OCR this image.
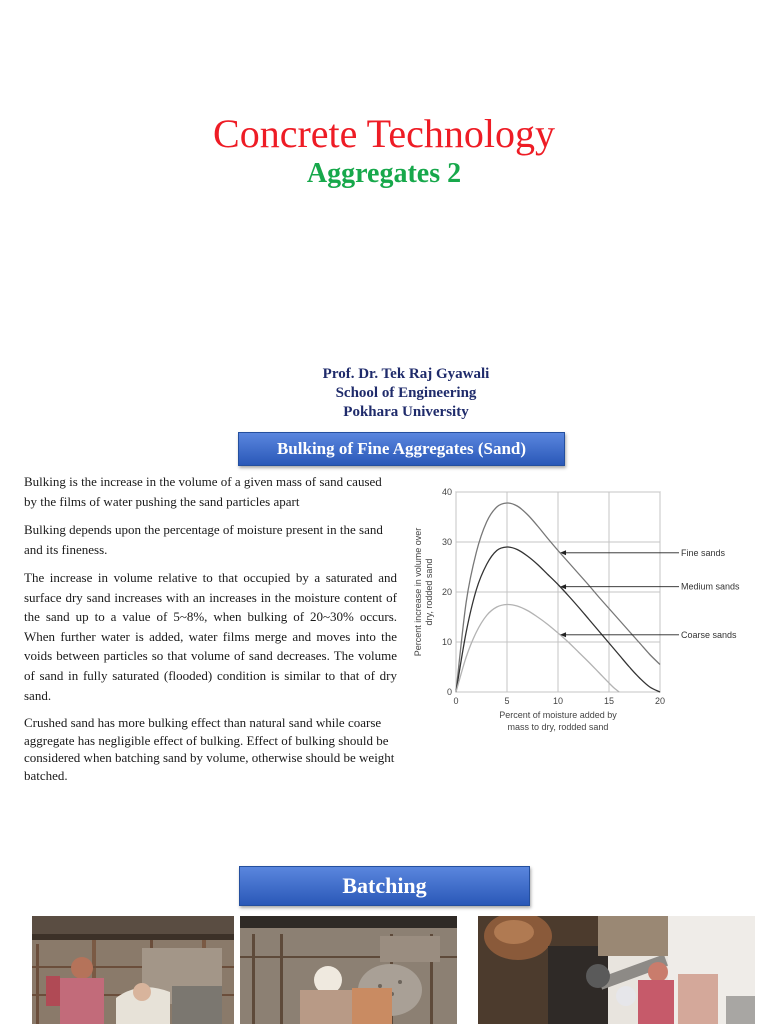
Concrete Technology
Aggregates 2
Prof. Dr. Tek Raj Gyawali
School of Engineering
Pokhara University
Bulking of Fine Aggregates (Sand)

Bulking is the increase in the volume of a given mass of sand caused by the films of water pushing the sand particles apart

Bulking depends upon the percentage of moisture present in the sand and its fineness.

The increase in volume relative to that occupied by a saturated and surface dry sand increases with an increases in the moisture content of the sand up to a value of 5~8%, when bulking of 20~30% occurs. When further water is added, water films merge and moves into the voids between particles so that volume of sand decreases. The volume of sand in fully saturated (flooded) condition is similar to that of dry sand.

Crushed sand has more bulking effect than natural sand while coarse aggregate has negligible effect of bulking. Effect of bulking should be considered when batching sand by volume, otherwise should be weight batched.

0	5	10	15	20
0
10
20
30
40
Fine sands
Medium sands
Coarse sands
Percent increase in volume over dry, rodded sand
Percent of moisture added by
mass to dry, rodded sand
Batching
